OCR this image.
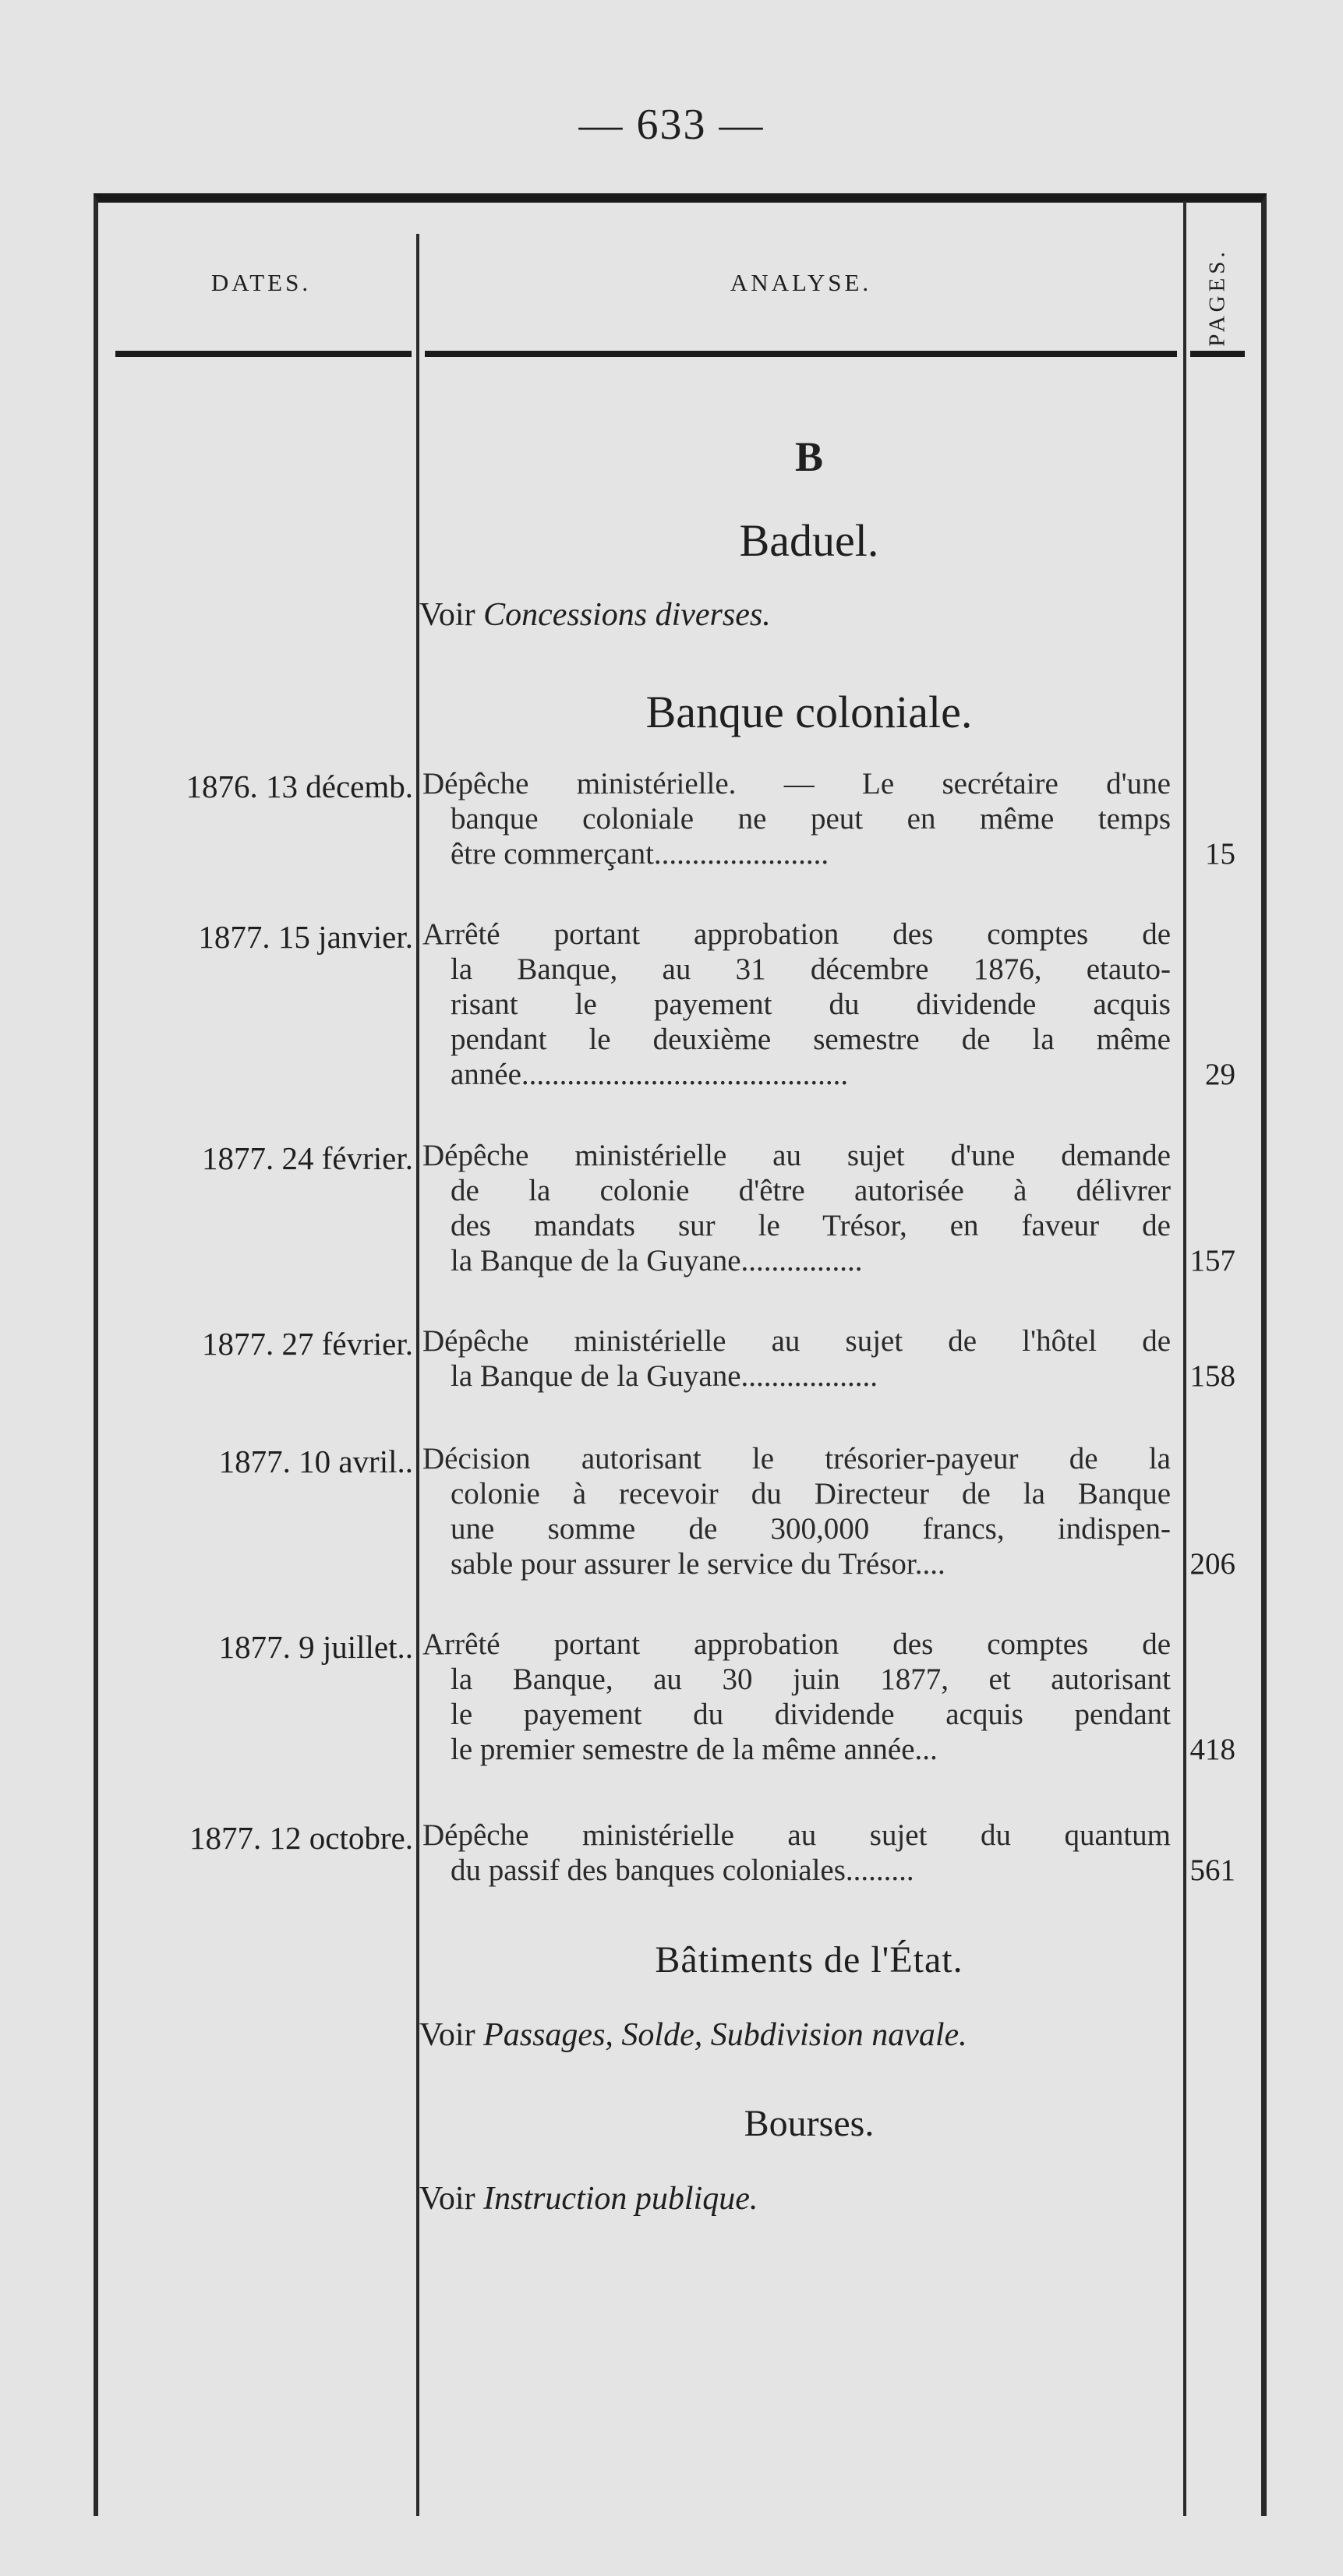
— 633 —
DATES.	ANALYSE.	PAGES.
B
Baduel.
Voir Concessions diverses.
Banque coloniale.
1876. 13 décemb. Dépêche ministérielle. — Le secrétaire d'une
banque coloniale ne peut en même temps
être commerçant.......................	15
1877. 15 janvier. Arrêté portant approbation des comptes de
la Banque, au 31 décembre 1876, etauto-
risant le payement du dividende acquis
pendant le deuxième semestre de la même
année...........................................	29
1877. 24 février. Dépêche ministérielle au sujet d'une demande
de la colonie d'être autorisée à délivrer
des mandats sur le Trésor, en faveur de
la Banque de la Guyane................	157
1877. 27 février. Dépêche ministérielle au sujet de l'hôtel de
la Banque de la Guyane..................	158
1877. 10 avril.. Décision autorisant le trésorier-payeur de la
colonie à recevoir du Directeur de la Banque
une somme de 300,000 francs, indispen-
sable pour assurer le service du Trésor....	206
1877. 9 juillet.. Arrêté portant approbation des comptes de
la Banque, au 30 juin 1877, et autorisant
le payement du dividende acquis pendant
le premier semestre de la même année...	418
1877. 12 octobre. Dépêche ministérielle au sujet du quantum
du passif des banques coloniales.........	561
Bâtiments de l'État.
Voir Passages, Solde, Subdivision navale.
Bourses.
Voir Instruction publique.
